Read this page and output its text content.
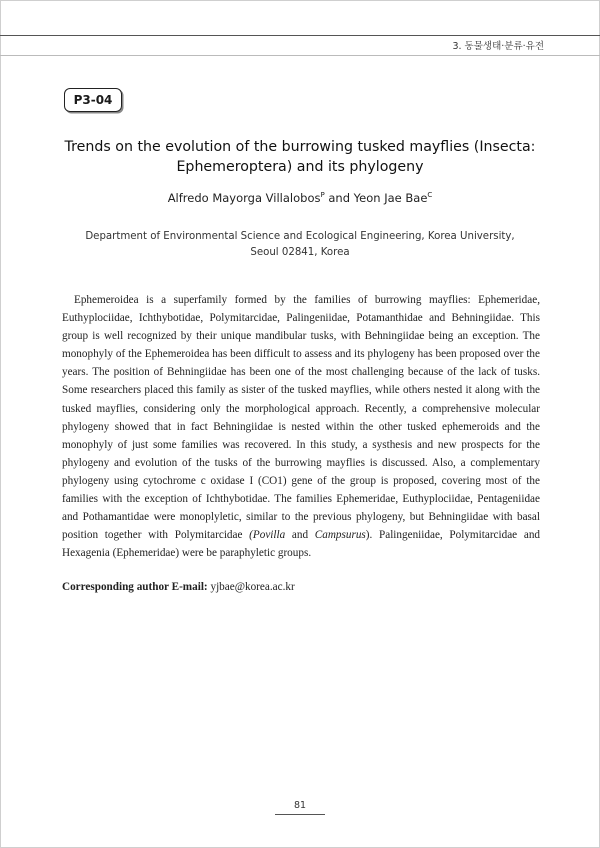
3. 동물생태·분류·유전
P3-04
Trends on the evolution of the burrowing tusked mayflies (Insecta:
Ephemeroptera) and its phylogeny
Alfredo Mayorga Villalobos$^P$ and Yeon Jae Bae$^C$
Department of Environmental Science and Ecological Engineering, Korea University,
Seoul 02841, Korea
Ephemeroidea is a superfamily formed by the families of burrowing mayflies: Ephemeridae, Euthyplociidae, Ichthybotidae, Polymitarcidae, Palingeniidae, Potamanthidae and Behningiidae. This group is well recognized by their unique mandibular tusks, with Behningiidae being an exception. The monophyly of the Ephemeroidea has been difficult to assess and its phylogeny has been proposed over the years. The position of Behningiidae has been one of the most challenging because of the lack of tusks. Some researchers placed this family as sister of the tusked mayflies, while others nested it along with the tusked mayflies, considering only the morphological approach. Recently, a comprehensive molecular phylogeny showed that in fact Behningiidae is nested within the other tusked ephemeroids and the monophyly of just some families was recovered. In this study, a systhesis and new prospects for the phylogeny and evolution of the tusks of the burrowing mayflies is discussed. Also, a complementary phylogeny using cytochrome c oxidase I (CO1) gene of the group is proposed, covering most of the families with the exception of Ichthybotidae. The families Ephemeridae, Euthyplociidae, Pentageniidae and Pothamantidae were monoplyletic, similar to the previous phylogeny, but Behningiidae with basal position together with Polymitarcidae (Povilla and Campsurus). Palingeniidae, Polymitarcidae and Hexagenia (Ephemeridae) were be paraphyletic groups.
Corresponding author E-mail: yjbae@korea.ac.kr
81
